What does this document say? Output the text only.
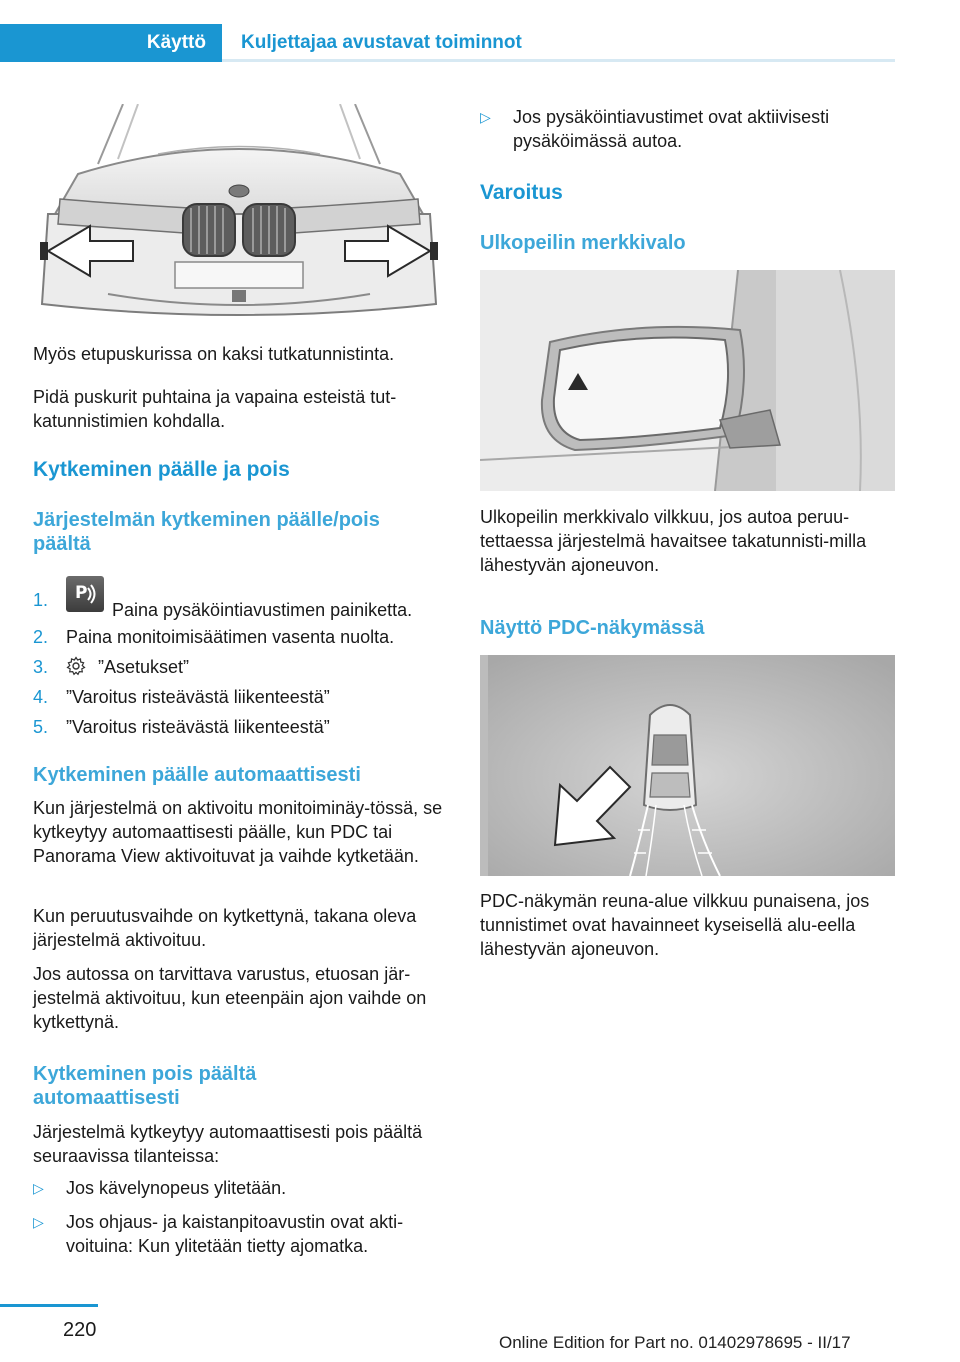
Käyttö	Kuljettajaa avustavat toiminnot

Myös etupuskurissa on kaksi tutkatunnistinta.

Pidä puskurit puhtaina ja vapaina esteistä tut-katunnistimien kohdalla.

Kytkeminen päälle ja pois

Järjestelmän kytkeminen päälle/pois päältä

1. P
Paina pysäköintiavustimen painiketta.
2. Paina monitoimisäätimen vasenta nuolta.
3.	”Asetukset”
4. ”Varoitus risteävästä liikenteestä”
5. ”Varoitus risteävästä liikenteestä”

Kytkeminen päälle automaattisesti

Kun järjestelmä on aktivoitu monitoiminäy-tössä, se kytkeytyy automaattisesti päälle, kun PDC tai Panorama View aktivoituvat ja vaihde kytketään.

Kun peruutusvaihde on kytkettynä, takana oleva järjestelmä aktivoituu.

Jos autossa on tarvittava varustus, etuosan jär-jestelmä aktivoituu, kun eteenpäin ajon vaihde on kytkettynä.

Kytkeminen pois päältä automaattisesti

Järjestelmä kytkeytyy automaattisesti pois päältä seuraavissa tilanteissa:

▷ Jos kävelynopeus ylitetään.
▷ Jos ohjaus- ja kaistanpitoavustin ovat akti-voituina: Kun ylitetään tietty ajomatka.
▷ Jos pysäköintiavustimet ovat aktiivisesti pysäköimässä autoa.

Varoitus

Ulkopeilin merkkivalo

Ulkopeilin merkkivalo vilkkuu, jos autoa peruu-tettaessa järjestelmä havaitsee takatunnisti-milla lähestyvän ajoneuvon.

Näyttö PDC-näkymässä

PDC-näkymän reuna-alue vilkkuu punaisena, jos tunnistimet ovat havainneet kyseisellä alu-eella lähestyvän ajoneuvon.

220
Online Edition for Part no. 01402978695 - II/17
